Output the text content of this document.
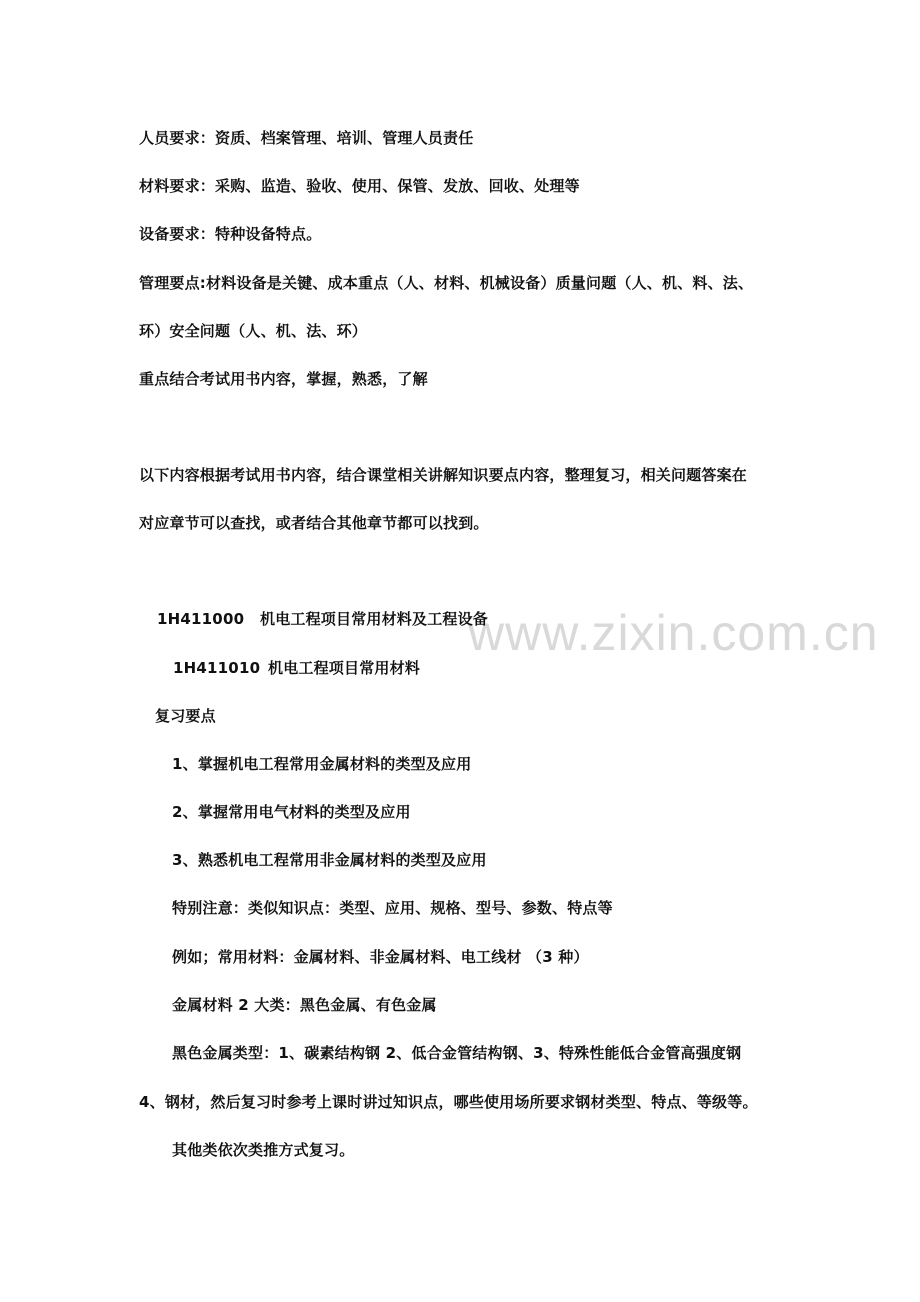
www.zixin.com.cn
人员要求：资质、档案管理、培训、管理人员责任
材料要求：采购、监造、验收、使用、保管、发放、回收、处理等
设备要求：特种设备特点。
管理要点:材料设备是关键、成本重点（人、材料、机械设备）质量问题（人、机、料、法、
环）安全问题（人、机、法、环）
重点结合考试用书内容，掌握，熟悉，了解
以下内容根据考试用书内容，结合课堂相关讲解知识要点内容，整理复习，相关问题答案在
对应章节可以查找，或者结合其他章节都可以找到。
1H411000 机电工程项目常用材料及工程设备
1H411010 机电工程项目常用材料
复习要点
1、掌握机电工程常用金属材料的类型及应用
2、掌握常用电气材料的类型及应用
3、熟悉机电工程常用非金属材料的类型及应用
特别注意：类似知识点：类型、应用、规格、型号、参数、特点等
例如；常用材料：金属材料、非金属材料、电工线材 （3 种）
金属材料 2 大类：黑色金属、有色金属
黑色金属类型：1、碳素结构钢 2、低合金管结构钢、3、特殊性能低合金管高强度钢
4、钢材，然后复习时参考上课时讲过知识点，哪些使用场所要求钢材类型、特点、等级等。
其他类依次类推方式复习。
